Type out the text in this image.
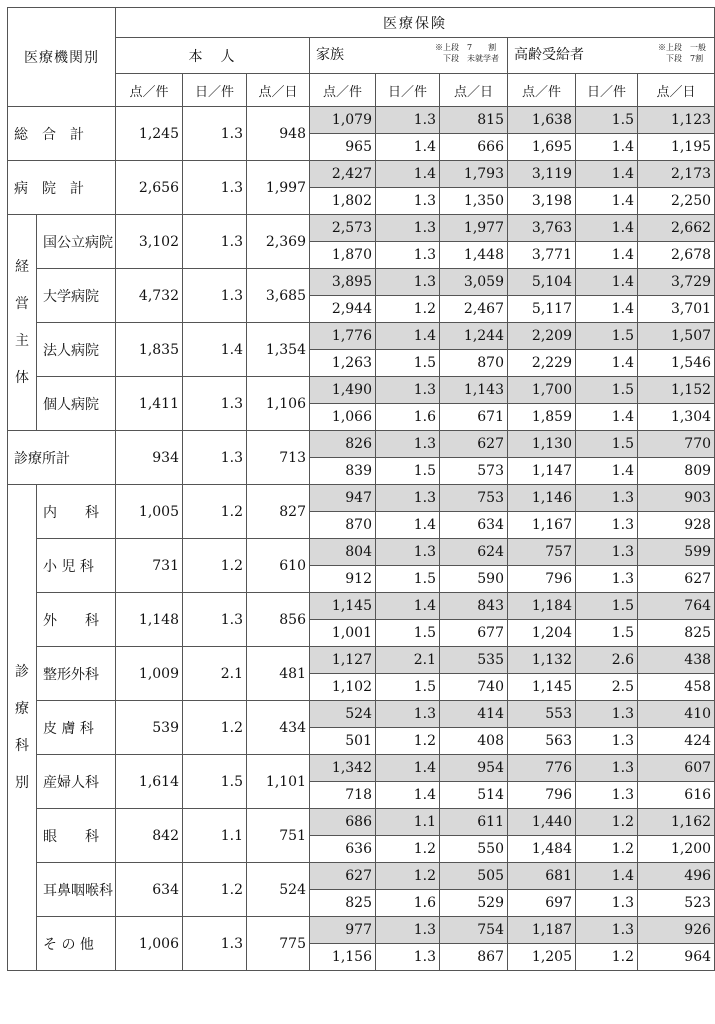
医療機関別		医療保険								
		本　人			家族 ※上段　7　　割
下段　未就学者			高齢受給者 ※上段　一般
下段　7割		

		点／件	日／件	点／日	点／件	日／件	点／日	点／件	日／件	点／日
総　合　計		1,245	1.3	948	1,079	1.3	815	1,638	1.5	1,123
					965	1.4	666	1,695	1.4	1,195
病　院　計		2,656	1.3	1,997	2,427	1.4	1,793	3,119	1.4	2,173
					1,802	1.3	1,350	3,198	1.4	2,250

経
営
主
体	国公立病院	3,102	1.3	2,369	2,573	1.3	1,977	3,763	1.4	2,662
					1,870	1.3	1,448	3,771	1.4	2,678
	大学病院	4,732	1.3	3,685	3,895	1.3	3,059	5,104	1.4	3,729
					2,944	1.2	2,467	5,117	1.4	3,701
	法人病院	1,835	1.4	1,354	1,776	1.4	1,244	2,209	1.5	1,507
					1,263	1.5	870	2,229	1.4	1,546
	個人病院	1,411	1.3	1,106	1,490	1.3	1,143	1,700	1.5	1,152
					1,066	1.6	671	1,859	1.4	1,304
診療所計		934	1.3	713	826	1.3	627	1,130	1.5	770
					839	1.5	573	1,147	1.4	809

診
療
科
別	内　　科	1,005	1.2	827	947	1.3	753	1,146	1.3	903
					870	1.4	634	1,167	1.3	928
	小 児 科	731	1.2	610	804	1.3	624	757	1.3	599
					912	1.5	590	796	1.3	627
	外　　科	1,148	1.3	856	1,145	1.4	843	1,184	1.5	764
					1,001	1.5	677	1,204	1.5	825
	整形外科	1,009	2.1	481	1,127	2.1	535	1,132	2.6	438
					1,102	1.5	740	1,145	2.5	458
	皮 膚 科	539	1.2	434	524	1.3	414	553	1.3	410
					501	1.2	408	563	1.3	424
	産婦人科	1,614	1.5	1,101	1,342	1.4	954	776	1.3	607
					718	1.4	514	796	1.3	616
	眼　　科	842	1.1	751	686	1.1	611	1,440	1.2	1,162
					636	1.2	550	1,484	1.2	1,200
	耳鼻咽喉科	634	1.2	524	627	1.2	505	681	1.4	496
					825	1.6	529	697	1.3	523
	そ の 他	1,006	1.3	775	977	1.3	754	1,187	1.3	926
					1,156	1.3	867	1,205	1.2	964
